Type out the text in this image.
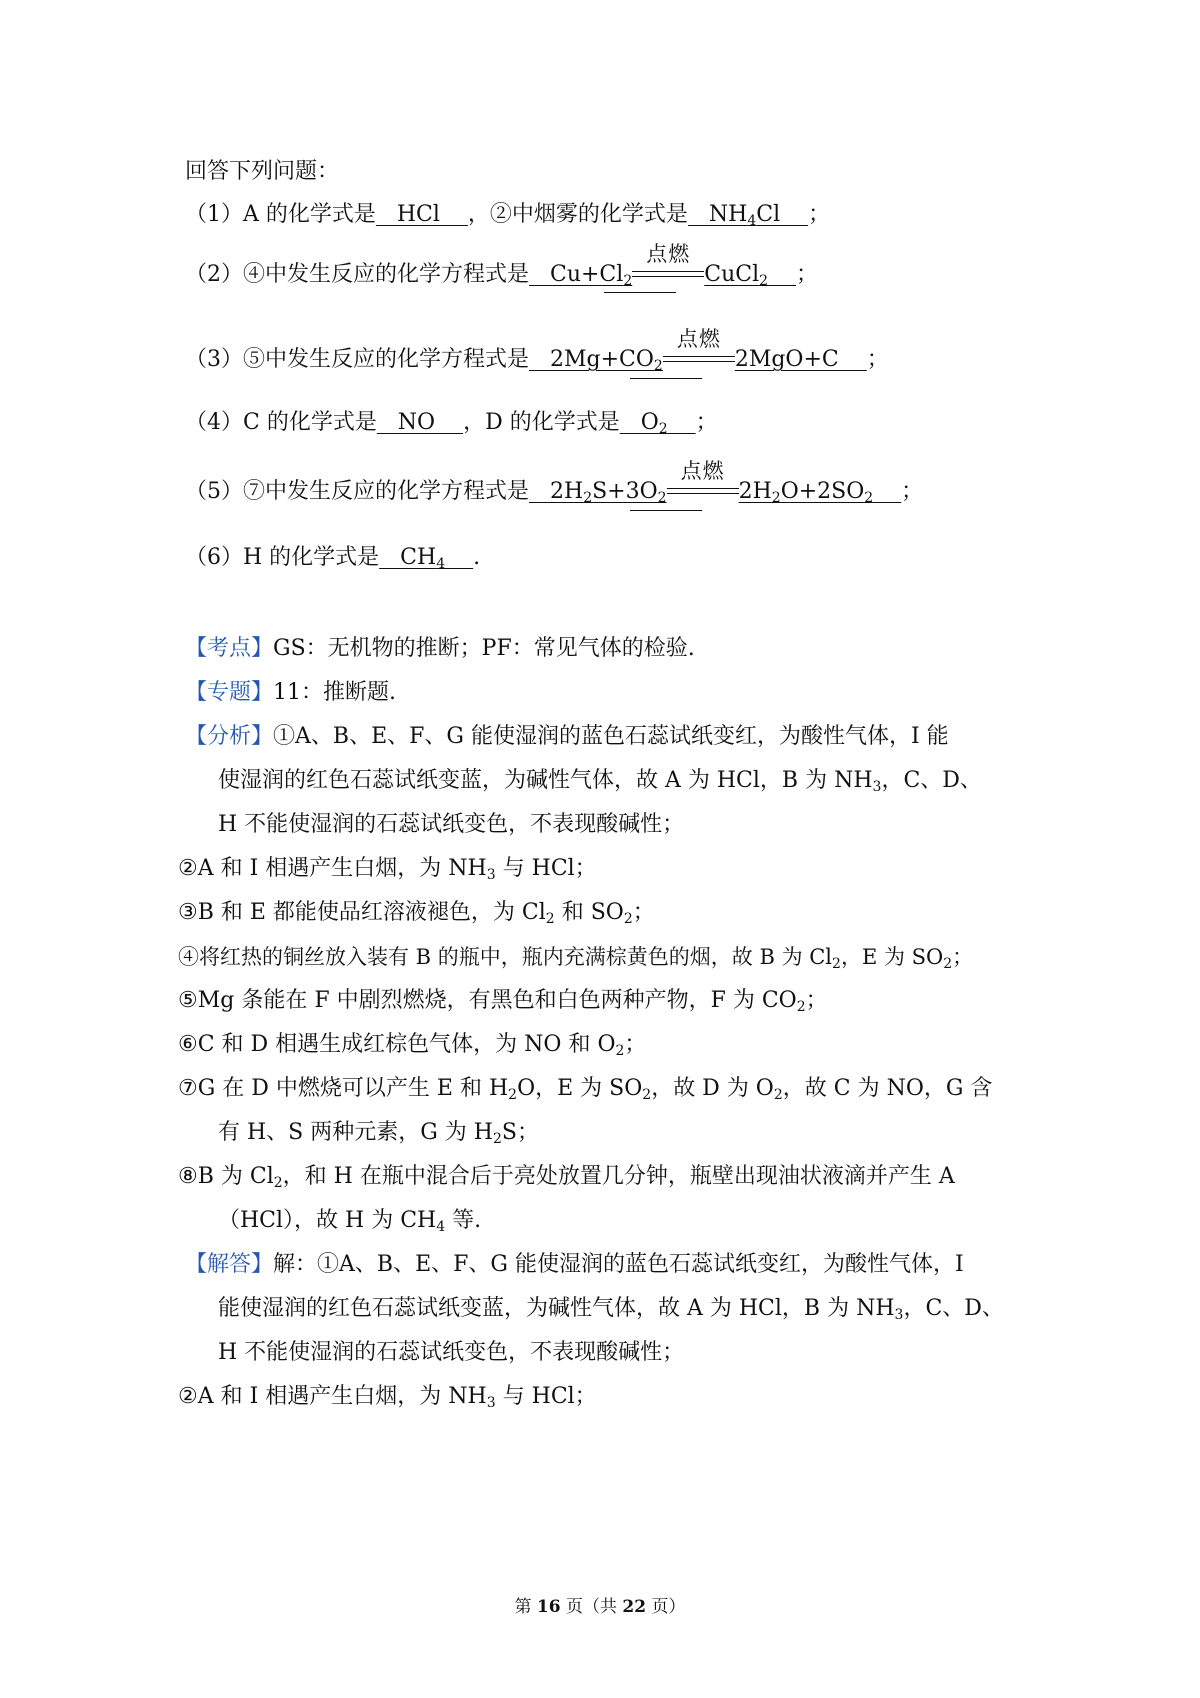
回答下列问题：
（1）A 的化学式是   HCl    ，②中烟雾的化学式是   $NH_4Cl$    ；
（2）④中发生反应的化学方程式是   $Cu+Cl_2$
点燃
CuCl$_2$ ；
（3）⑤中发生反应的化学方程式是   $2Mg+CO_2$
点燃
2MgO+C    ；
（4）C 的化学式是   NO    ，D 的化学式是   $O_2$ ；
（5）⑦中发生反应的化学方程式是   $2H_2S+3O_2$
点燃
$2H_2O+2SO_2$ ；
（6）H 的化学式是   $CH_4$ .
【考点】GS：无机物的推断；PF：常见气体的检验.
【专题】11：推断题.
【分析】①A、B、E、F、G 能使湿润的蓝色石蕊试纸变红，为酸性气体，I 能
使湿润的红色石蕊试纸变蓝，为碱性气体，故 A 为 HCl，B 为 $NH_3$，C、D、
H 不能使湿润的石蕊试纸变色，不表现酸碱性；
②A 和 I 相遇产生白烟，为 $NH_3$ 与 HCl；
③B 和 E 都能使品红溶液褪色，为 $Cl_2$ 和 $SO_2$；
④将红热的铜丝放入装有 B 的瓶中，瓶内充满棕黄色的烟，故 B 为 $Cl_2$，E 为 $SO_2$；
⑤Mg 条能在 F 中剧烈燃烧，有黑色和白色两种产物，F 为 $CO_2$；
⑥C 和 D 相遇生成红棕色气体，为 NO 和 $O_2$；
⑦G 在 D 中燃烧可以产生 E 和 $H_2O$，E 为 $SO_2$，故 D 为 $O_2$，故 C 为 NO，G 含
有 H、S 两种元素，G 为 $H_2S$；
⑧B 为 $Cl_2$，和 H 在瓶中混合后于亮处放置几分钟，瓶壁出现油状液滴并产生 A
（HCl），故 H 为 $CH_4$ 等.
【解答】解：①A、B、E、F、G 能使湿润的蓝色石蕊试纸变红，为酸性气体，I
能使湿润的红色石蕊试纸变蓝，为碱性气体，故 A 为 HCl，B 为 $NH_3$，C、D、
H 不能使湿润的石蕊试纸变色，不表现酸碱性；
②A 和 I 相遇产生白烟，为 $NH_3$ 与 HCl；
第 16 页（共 22 页）
